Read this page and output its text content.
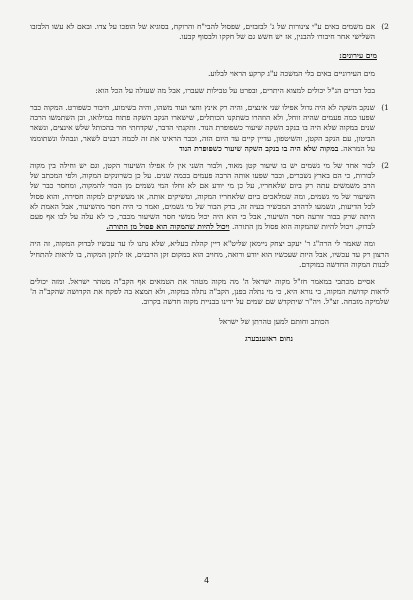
2)

אם משמים באים ע"י צינורות של ג' לבזבזים, שפסול להבי"ח והרוקח, בסוגיא של הופכו על צדו. ובאם לא עשו הלבזבו השלישי אחר חיבורו להבנין, אז יש חשש גם של חקקו ולבסוף קבעו.

מים עירונים:

מים העירוניים באים בלי המשכה ע"ג קרקע הראוי לבלוע.

בכל דברים הנ"ל יכולים למצוא היתרים, ובפרט על טבילות שעברו, אבל מה שעולה על הכל הוא:

1)

שנקב השקה לא היה גדול אפילו שני אינצים, והיה רק אינץ וחצי ועוד משהו, והיה בשימוע, חיבור כשפורט. המקוה כבר שפעו כמה פעמים שהיה זוחל, ולא הוזהרו כשתקנו הכותלים, שישארו הנקב השקה פתוח במילואו, וכן השתמשו הרבה שנים במקוה שלא היה בו בנקב השקה שיעור כשפופרת הנוד. ותקנתי הדבר, שקדחתי חור בהכותל שלש אינצים, ונשאר הביטון, עם הנקב הקטן, והשיטפון, עדיין קיים עד היום הזה, וכבר הראינו את זה לכמה רבנים לשאר, ונבהלו ונשתוממו על המראה. במקוה שלא היה בו בנקב השקה שיעור כשפופרת הנוד

2)

לבור אחד של מי גשמים יש בו שיעור קטן מאוד, ולבור השני אין לו אפילו השיעור הקטן, וגם יש וחילה בין מקוה לבורות, כי הם בארץ נשברים, וכבר שפעו אותה הרבה פעמים בכמה שנים. על כן כשרונקים המקוה, ולפי המכתב של הרב משמשים עתה רק ביום שלאחריו, על כן מי יודע אם לא זחלו המי גשמים מן הבור להמקוה, ומחסר כבר של השיעור של מי גשמים, ומה שמלאכים ביום שלאחריו המקוה, ומשיקים אותה, או מעשיקים למקוה חסירה, והוא פסול לכל הדיעות, ונשמעו לרהרב המכשיר בעיה זה, בדק הבור של מי גשמים, ואמר כי היה חסר מהשיעור, אבל האמת לא היתה שרק בבור זורעה חסר השיעור, אבל כי הוא היה יכול ממשי חסר השיעור מכבר, כי לא עלה על לבו אף פעם לבדוק. ויכול להיות שהמקוה הוא פסול מן התורה. ויכול להיות שהמקוה הוא פסול מן התורה.

ומה שאמר לי הרה"ג ר' יעקב יצחק ניימאן שליט"א דיין קהלת בעליא, שלא נתנו לו עד עכשיו לבדוק המקוה, זה היה הרצון רק עד עכשיו, אבל היות שעכשיו הוא יודע ורואה, מחויב הוא במקום זקן הרבנים, אז לתקן המקוה, בו לראות להתחיל לבנות המקוה החדשה במוקדם.

אסיים מכתבי במאמר חז"ל מקוה ישראל ה' מה מקוה מטהר את הטמאים אף הקב"ה מטהר ישראל. ומזה יכולים לראות קדושת המקוה, כי נורא היא, כי מי נתלה בפנן, הקב"ה נתלה במקוה, ולא תמצא בה לפקח את הקדושה שהקב"ה ה' שלמיקה מזבחה. זצ"ל. ויה"ר שיתקדש שם שמים על ידינו בבניית מקוה חדשה בקרוב.

הכותב וחותם למען טהרתן של ישראל

נחום ראזענבערג

4
